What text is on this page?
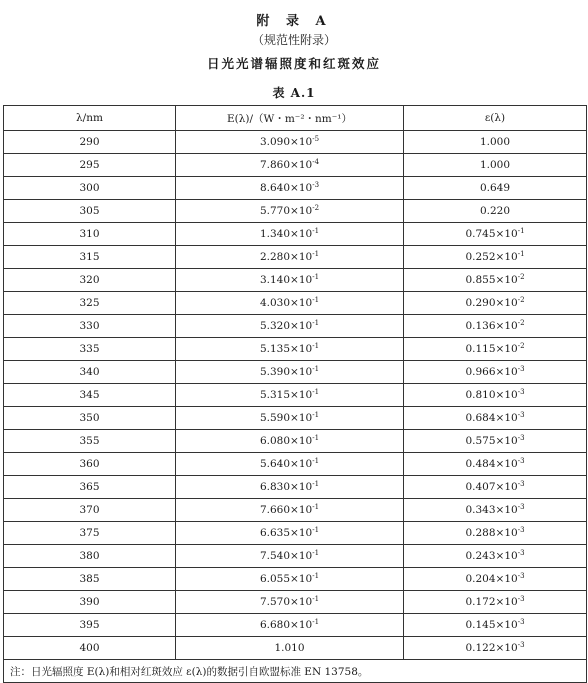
附 录 A
（规范性附录）
日光光谱辐照度和红斑效应
表 A.1
λ/nm	E(λ)/（W・m⁻²・nm⁻¹）	ε(λ)
290	$3.090\times 10^{-5}$	1.000
295	$7.860\times 10^{-4}$	1.000
300	$8.640\times 10^{-3}$	0.649
305	$5.770\times 10^{-2}$	0.220
310	$1.340\times 10^{-1}$	$0.745\times 10^{-1}$
315	$2.280\times 10^{-1}$	$0.252\times 10^{-1}$
320	$3.140\times 10^{-1}$	$0.855\times 10^{-2}$
325	$4.030\times 10^{-1}$	$0.290\times 10^{-2}$
330	$5.320\times 10^{-1}$	$0.136\times 10^{-2}$
335	$5.135\times 10^{-1}$	$0.115\times 10^{-2}$
340	$5.390\times 10^{-1}$	$0.966\times 10^{-3}$
345	$5.315\times 10^{-1}$	$0.810\times 10^{-3}$
350	$5.590\times 10^{-1}$	$0.684\times 10^{-3}$
355	$6.080\times 10^{-1}$	$0.575\times 10^{-3}$
360	$5.640\times 10^{-1}$	$0.484\times 10^{-3}$
365	$6.830\times 10^{-1}$	$0.407\times 10^{-3}$
370	$7.660\times 10^{-1}$	$0.343\times 10^{-3}$
375	$6.635\times 10^{-1}$	$0.288\times 10^{-3}$
380	$7.540\times 10^{-1}$	$0.243\times 10^{-3}$
385	$6.055\times 10^{-1}$	$0.204\times 10^{-3}$
390	$7.570\times 10^{-1}$	$0.172\times 10^{-3}$
395	$6.680\times 10^{-1}$	$0.145\times 10^{-3}$
400	1.010	$0.122\times 10^{-3}$
注：日光辐照度 E(λ)和相对红斑效应 ε(λ)的数据引自欧盟标准 EN 13758。		
